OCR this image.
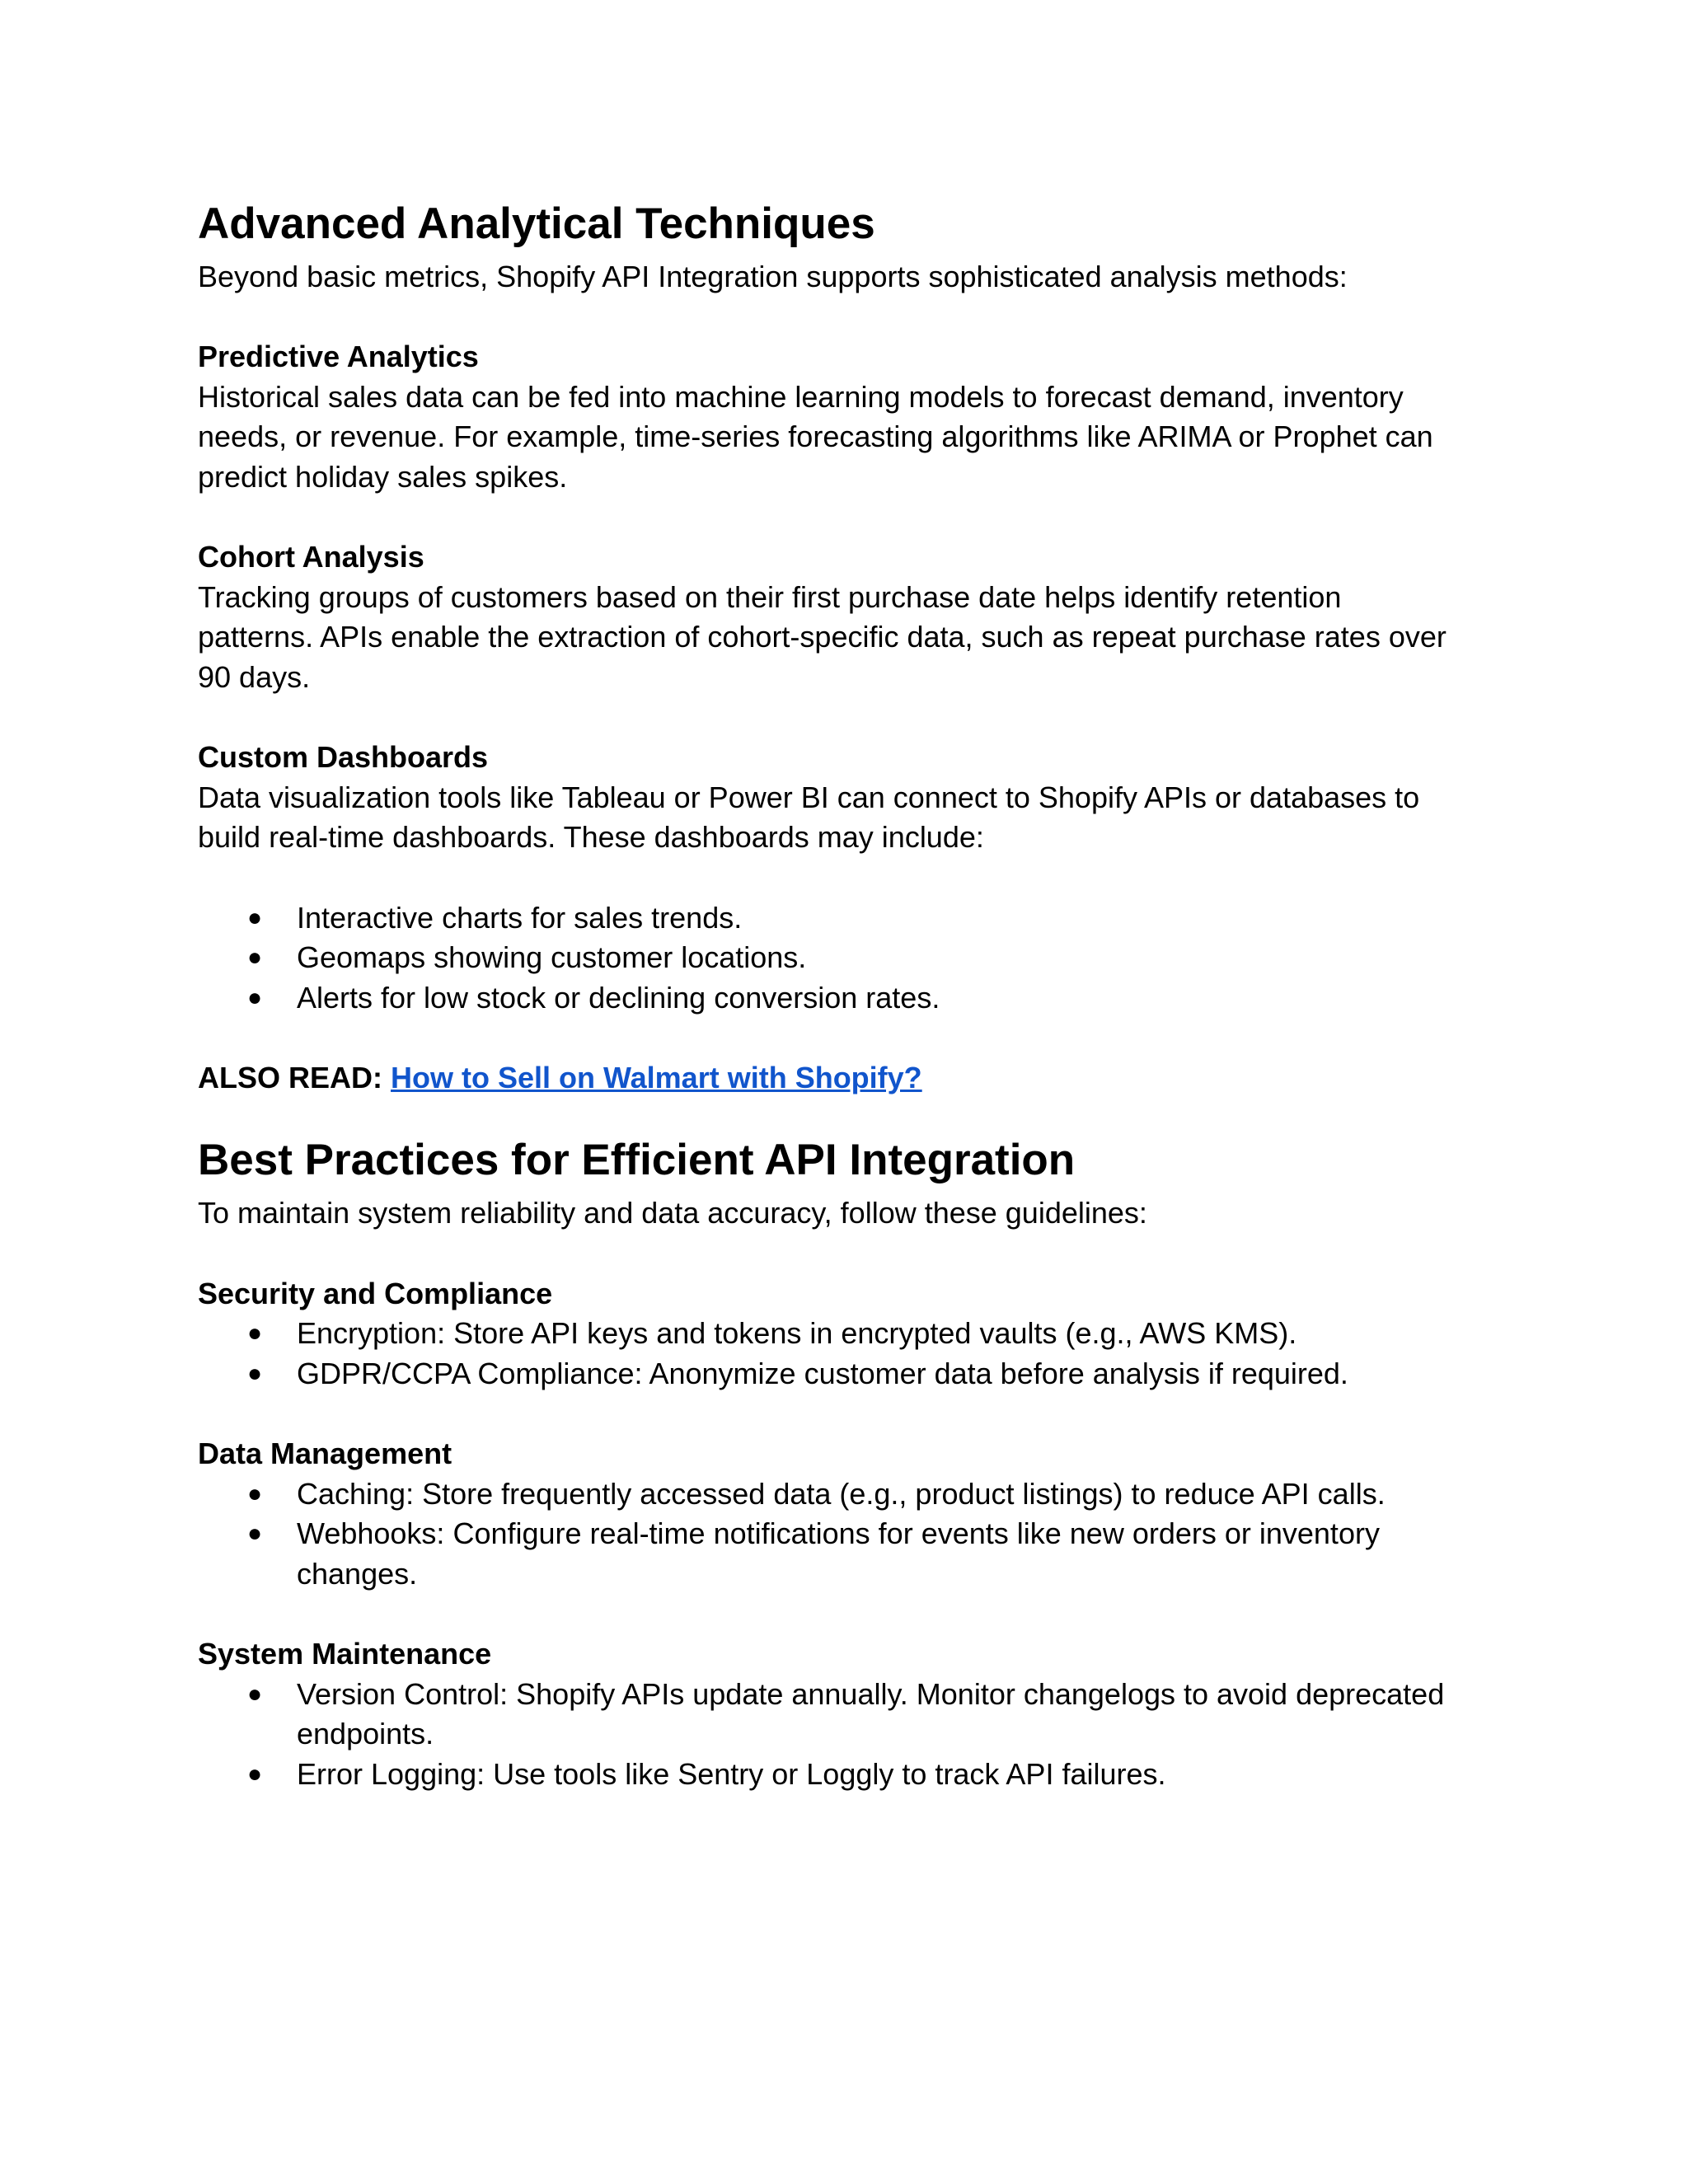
Advanced Analytical Techniques

Beyond basic metrics, Shopify API Integration supports sophisticated analysis methods:

Predictive Analytics

Historical sales data can be fed into machine learning models to forecast demand, inventory

needs, or revenue. For example, time-series forecasting algorithms like ARIMA or Prophet can

predict holiday sales spikes.

Cohort Analysis

Tracking groups of customers based on their first purchase date helps identify retention

patterns. APIs enable the extraction of cohort-specific data, such as repeat purchase rates over

90 days.

Custom Dashboards

Data visualization tools like Tableau or Power BI can connect to Shopify APIs or databases to

build real-time dashboards. These dashboards may include:

● Interactive charts for sales trends.
● Geomaps showing customer locations.
● Alerts for low stock or declining conversion rates.

ALSO READ: How to Sell on Walmart with Shopify?

Best Practices for Efficient API Integration

To maintain system reliability and data accuracy, follow these guidelines:

Security and Compliance

● Encryption: Store API keys and tokens in encrypted vaults (e.g., AWS KMS).
● GDPR/CCPA Compliance: Anonymize customer data before analysis if required.

Data Management

● Caching: Store frequently accessed data (e.g., product listings) to reduce API calls.
● Webhooks: Configure real-time notifications for events like new orders or inventory
changes.

System Maintenance

● Version Control: Shopify APIs update annually. Monitor changelogs to avoid deprecated
endpoints.
● Error Logging: Use tools like Sentry or Loggly to track API failures.
